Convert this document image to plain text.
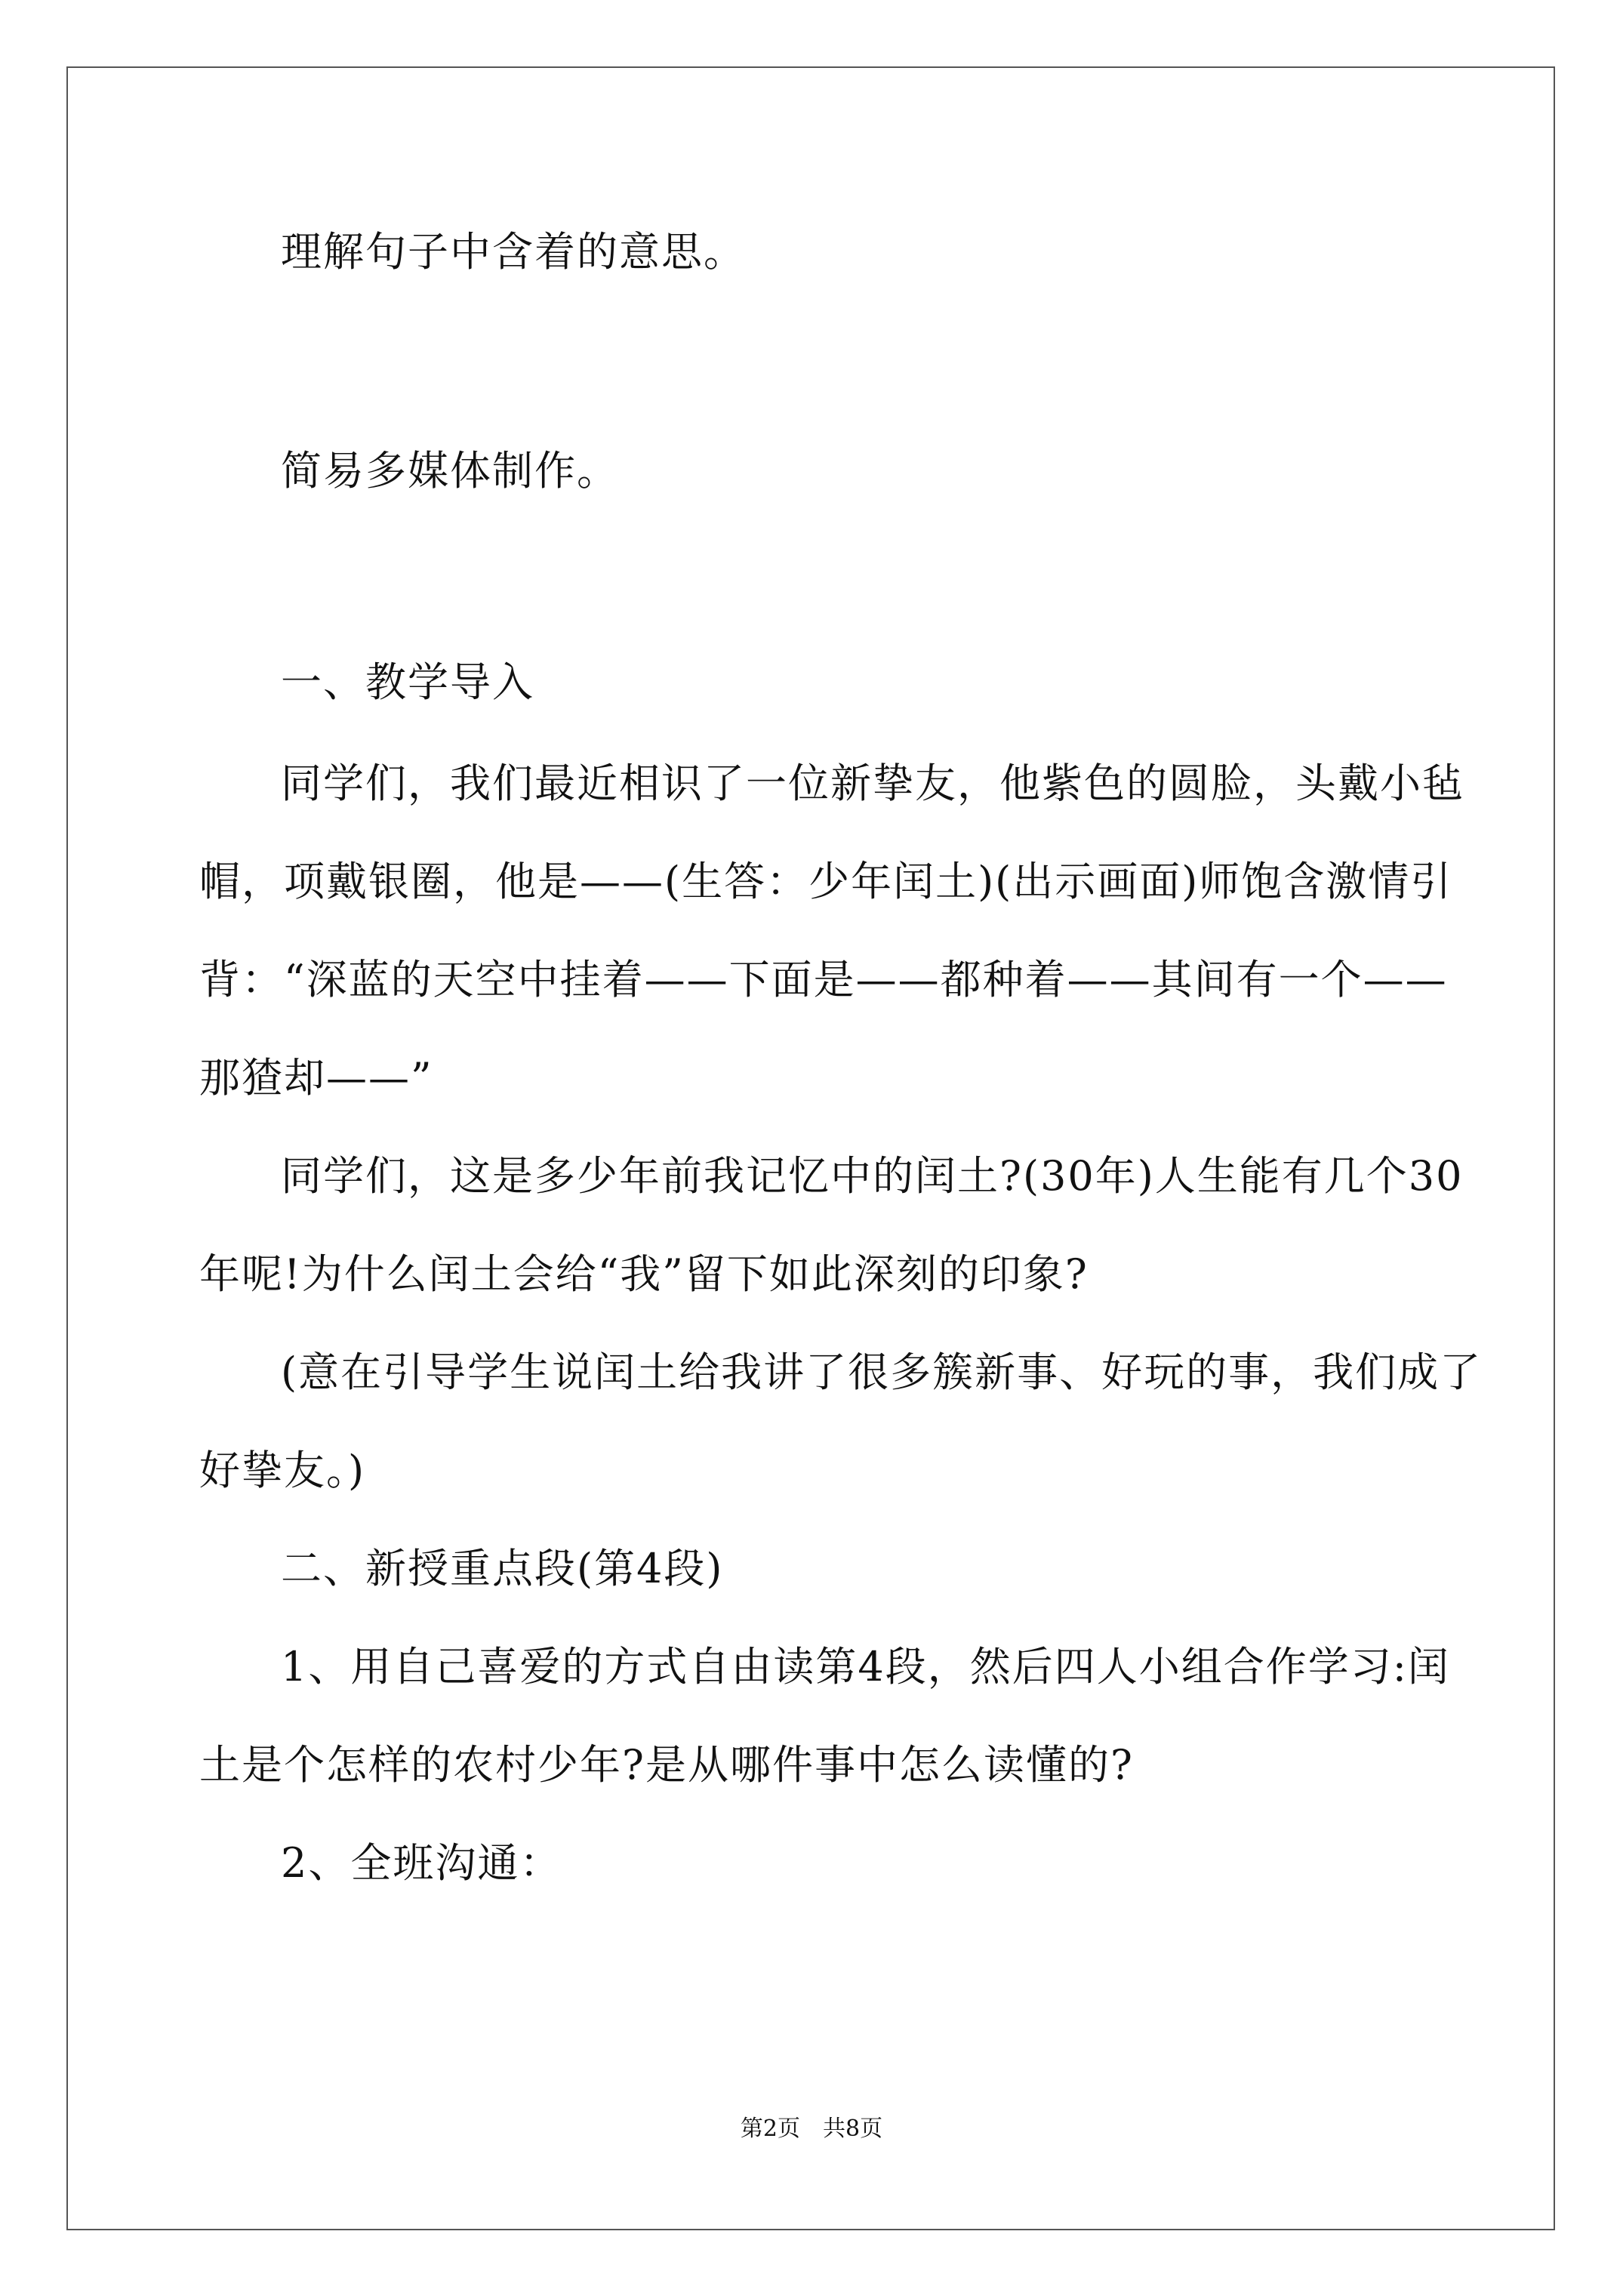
理解句子中含着的意思。
简易多媒体制作。
一、教学导入
同学们，我们最近相识了一位新挚友，他紫色的圆脸，头戴小毡
帽，项戴银圈，他是——(生答：少年闰土)(出示画面)师饱含激情引
背：“深蓝的天空中挂着——下面是——都种着——其间有一个——
那猹却——”
同学们，这是多少年前我记忆中的闰土?(30年)人生能有几个30
年呢!为什么闰土会给“我”留下如此深刻的印象?
(意在引导学生说闰土给我讲了很多簇新事、好玩的事，我们成了
好挚友。)
二、新授重点段(第4段)
1、用自己喜爱的方式自由读第4段，然后四人小组合作学习:闰
土是个怎样的农村少年?是从哪件事中怎么读懂的?
2、全班沟通：
第2页　共8页
